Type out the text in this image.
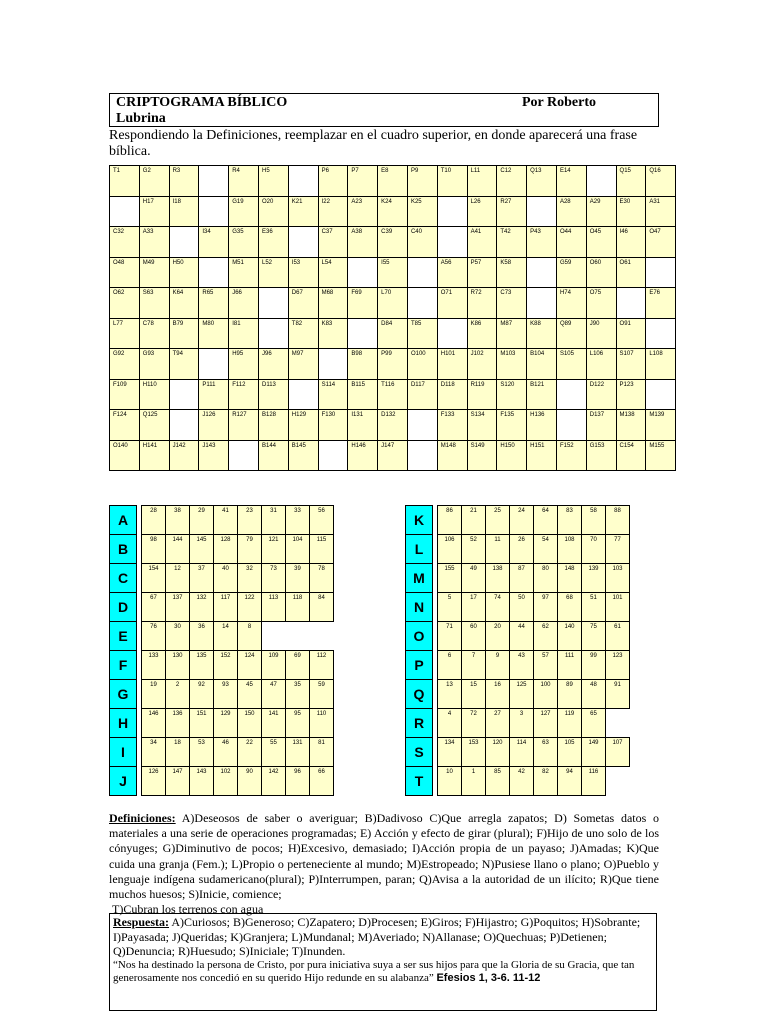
CRIPTOGRAMA BÍBLICO	Por Roberto
Lubrina
Respondiendo la Definiciones, reemplazar en el cuadro superior, en donde aparecerá una frase bíblica.
T1	G2	R3		R4	H5		P6	P7	E8	P9	T10	L11	C12	Q13	E14		Q15	Q16

	H17	I18		G19	O20	K21	I22	A23	K24	K25		L26	R27		A28	A29	E30	A31

C32	A33		I34	G35	E36		C37	A38	C39	C40		A41	T42	P43	O44	O45	I46	O47

O48	M49	H50		M51	L52	I53	L54		I55		A56	P57	K58		G59	O60	O61	

O62	S63	K64	R65	J66		D67	M68	F69	L70		O71	R72	C73		H74	O75		E76

L77	C78	B79	M80	I81		T82	K83		D84	T85		K86	M87	K88	Q89	J90	O91	

G92	G93	T94		H95	J96	M97		B98	P99	O100	H101	J102	M103	B104	S105	L106	S107	L108

F109	H110		P111	F112	D113		S114	B115	T116	D117	D118	R119	S120	B121		D122	P123	

F124	Q125		J126	R127	B128	H129	F130	I131	D132		F133	S134	F135	H136		D137	M138	M139

O140	H141	J142	J143		B144	B145		H146	J147		M148	S149	H150	H151	F152	G153	C154	M155
A		28	38	29	41	23	31	33	56
B		98	144	145	128	79	121	104	115
C		154	12	37	40	32	73	39	78
D		67	137	132	117	122	113	118	84
E		76	30	36	14	8			
F		133	130	135	152	124	109	69	112
G		19	2	92	93	45	47	35	59
H		146	136	151	129	150	141	95	110
I		34	18	53	46	22	55	131	81
J		126	147	143	102	90	142	96	66
K		86	21	25	24	64	83	58	88
L		106	52	11	26	54	108	70	77
M		155	49	138	87	80	148	139	103
N		5	17	74	50	97	68	51	101
O		71	60	20	44	62	140	75	61
P		6	7	9	43	57	111	99	123
Q		13	15	16	125	100	89	48	91
R		4	72	27	3	127	119	65	
S		134	153	120	114	63	105	149	107
T		10	1	85	42	82	94	116	
Definiciones: A)Deseosos de saber o averiguar; B)Dadivoso C)Que arregla zapatos; D) Sometas datos o materiales a una serie de operaciones programadas; E) Acción y efecto de girar (plural); F)Hijo de uno solo de los cónyuges; G)Diminutivo de pocos; H)Excesivo, demasiado; I)Acción propia de un payaso; J)Amadas; K)Que cuida una granja (Fem.); L)Propio o perteneciente al mundo; M)Estropeado; N)Pusiese llano o plano; O)Pueblo y lenguaje indígena sudamericano(plural); P)Interrumpen, paran; Q)Avisa a la autoridad de un ilícito; R)Que tiene muchos huesos; S)Inicie, comience;
T)Cubran los terrenos con agua
Respuesta: A)Curiosos; B)Generoso; C)Zapatero; D)Procesen; E)Giros; F)Hijastro; G)Poquitos; H)Sobrante; I)Payasada; J)Queridas; K)Granjera; L)Mundanal; M)Averiado; N)Allanase; O)Quechuas; P)Detienen; Q)Denuncia; R)Huesudo; S)Iniciale; T)Inunden.
“Nos ha destinado la persona de Cristo, por pura iniciativa suya a ser sus hijos para que la Gloria de su Gracia, que tan generosamente nos concedió en su querido Hijo redunde en su alabanza” Efesios 1, 3-6. 11-12
